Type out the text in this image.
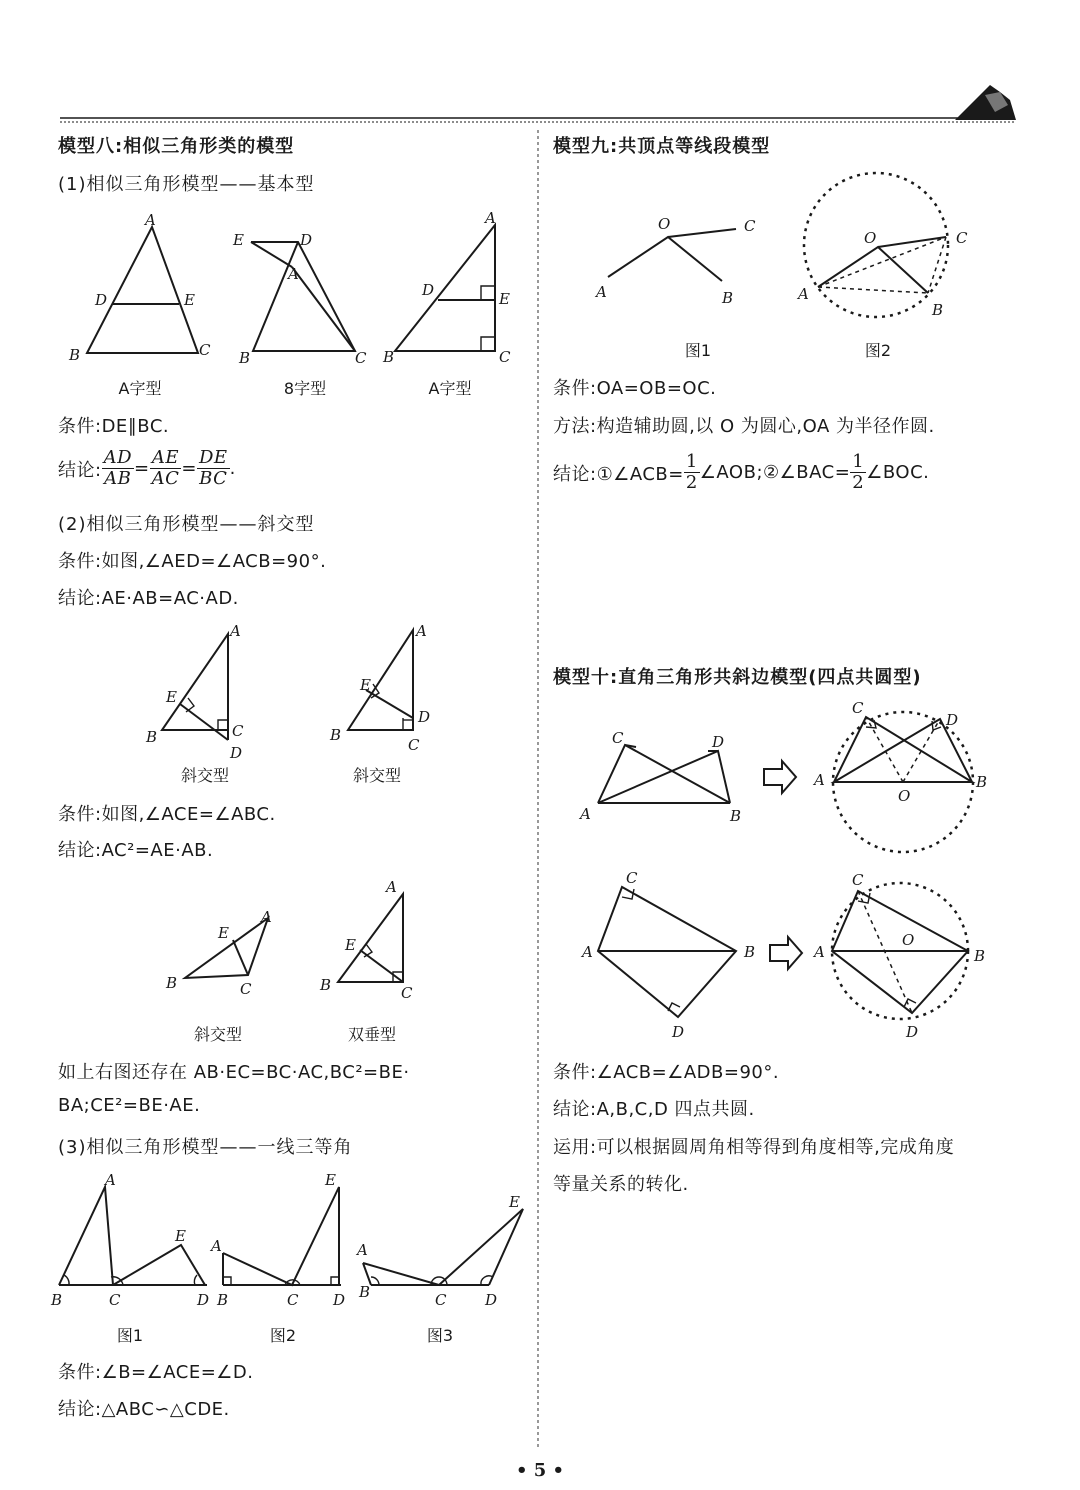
模型八:相似三角形类的模型
(1)相似三角形模型——基本型
A
D	E
B	C
E	D
A
B	C
A
D	E
B	C
A字型	8字型	A字型
条件:DE∥BC.
结论: $\frac{AD}{AB} = \frac{AE}{AC} = \frac{DE}{BC}$ .
(2)相似三角形模型——斜交型
条件:如图,∠AED=∠ACB=90°.
结论:AE·AB=AC·AD.
A
E
B	C
D
A
E
D
B
C
斜交型	斜交型
条件:如图,∠ACE=∠ABC.
结论:AC²=AE·AB.
A
E
B	C
A
E
B	C
斜交型	双垂型
如上右图还存在 AB·EC=BC·AC,BC²=BE·
BA;CE²=BE·AE.
(3)相似三角形模型——一线三等角
A
E
B	C	D
A
E
B	C D
A
E
B	C	D
图1	图2	图3
条件:∠B=∠ACE=∠D.
结论:△ABC∽△CDE.
模型九:共顶点等线段模型
O	C
A	B
O	C
A
B
图1	图2
条件:OA=OB=OC.
方法:构造辅助圆,以 O 为圆心,OA 为半径作圆.
结论:①∠ACB= $\frac{1}{2}$ ∠AOB;②∠BAC= $\frac{1}{2}$ ∠BOC.
模型十:直角三角形共斜边模型(四点共圆型)
C	D
A	B
C
D
A	B
O
C
A	B
D
C
O
A	B
D
条件:∠ACB=∠ADB=90°.
结论:A,B,C,D 四点共圆.
运用:可以根据圆周角相等得到角度相等,完成角度
等量关系的转化.
• 5 •
